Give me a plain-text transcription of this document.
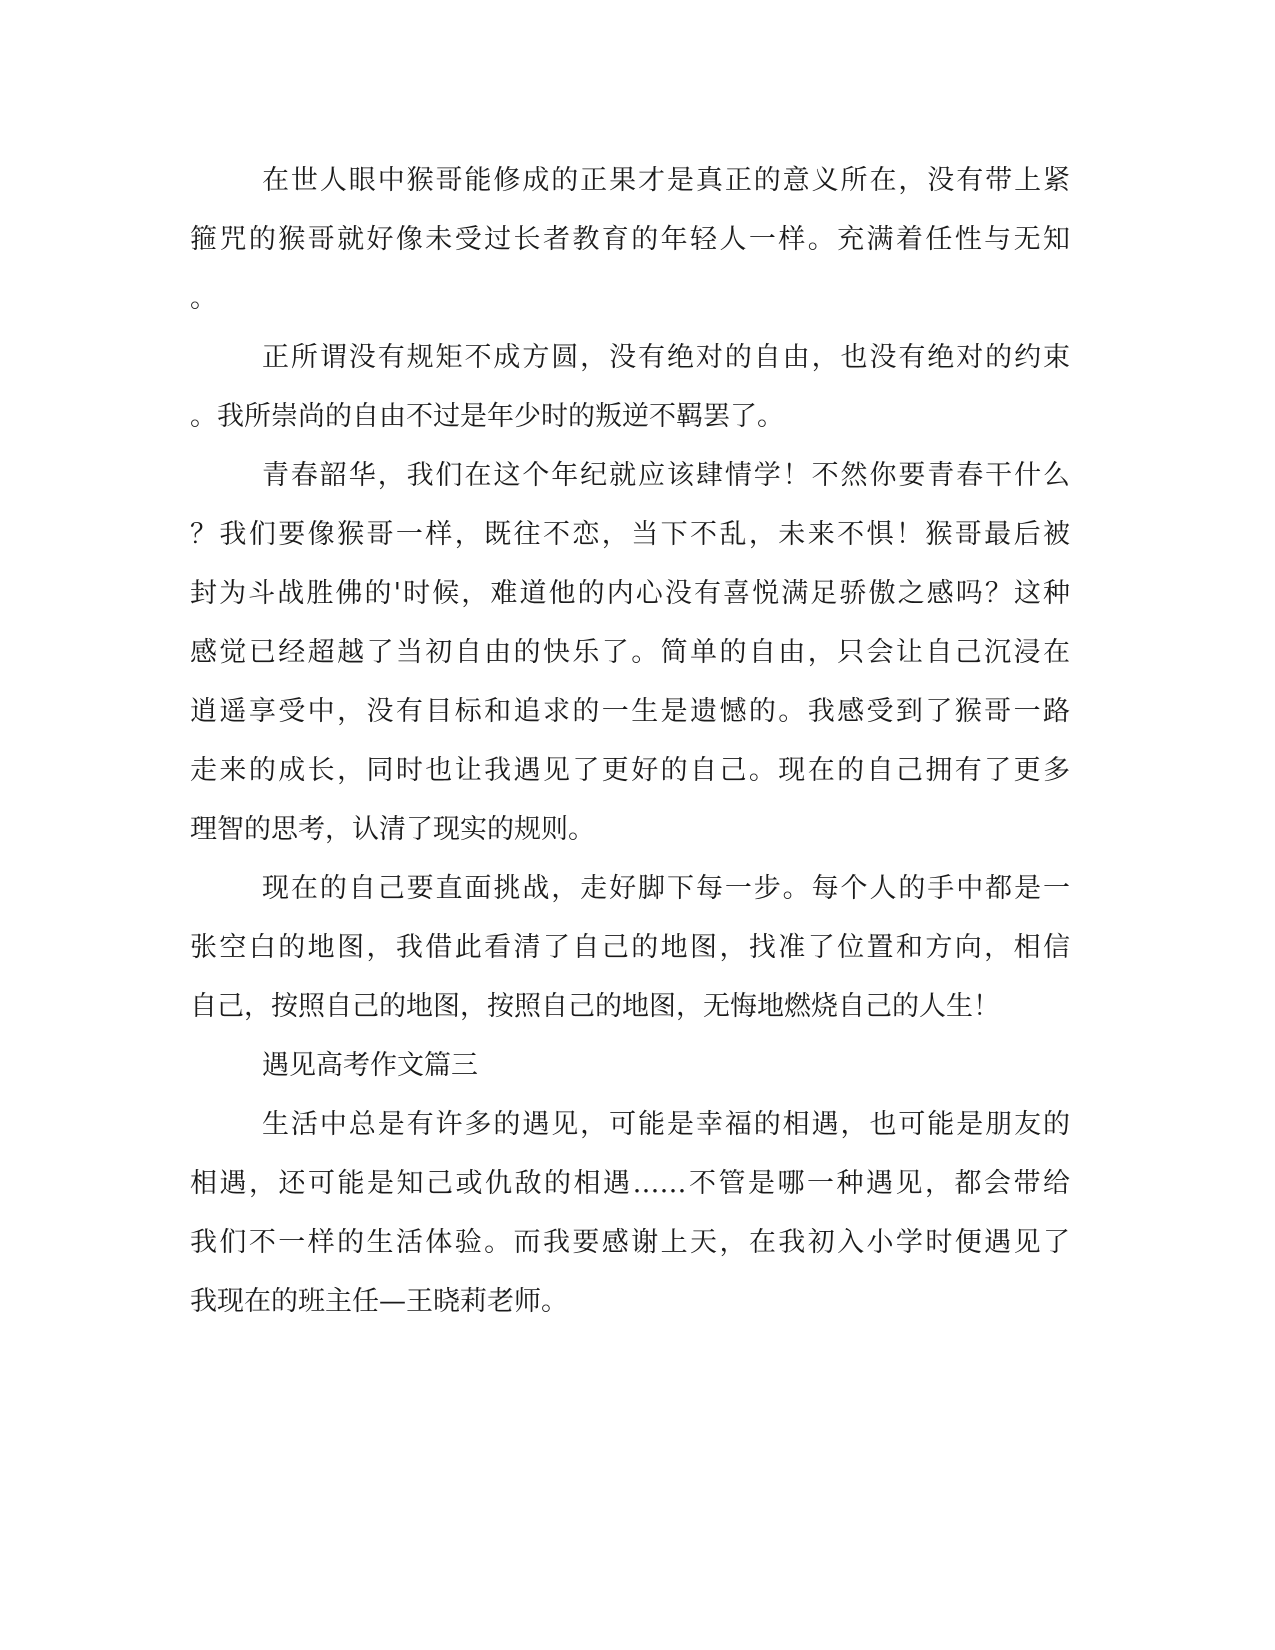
在世人眼中猴哥能修成的正果才是真正的意义所在，没有带上紧

箍咒的猴哥就好像未受过长者教育的年轻人一样。充满着任性与无知

。

正所谓没有规矩不成方圆，没有绝对的自由，也没有绝对的约束

。我所崇尚的自由不过是年少时的叛逆不羁罢了。

青春韶华，我们在这个年纪就应该肆情学！不然你要青春干什么

？我们要像猴哥一样，既往不恋，当下不乱，未来不惧！猴哥最后被

封为斗战胜佛的'时候，难道他的内心没有喜悦满足骄傲之感吗？这种

感觉已经超越了当初自由的快乐了。简单的自由，只会让自己沉浸在

逍遥享受中，没有目标和追求的一生是遗憾的。我感受到了猴哥一路

走来的成长，同时也让我遇见了更好的自己。现在的自己拥有了更多

理智的思考，认清了现实的规则。

现在的自己要直面挑战，走好脚下每一步。每个人的手中都是一

张空白的地图，我借此看清了自己的地图，找准了位置和方向，相信

自己，按照自己的地图，按照自己的地图，无悔地燃烧自己的人生！

遇见高考作文篇三

生活中总是有许多的遇见，可能是幸福的相遇，也可能是朋友的

相遇，还可能是知己或仇敌的相遇……不管是哪一种遇见，都会带给

我们不一样的生活体验。而我要感谢上天，在我初入小学时便遇见了

我现在的班主任—王晓莉老师。
